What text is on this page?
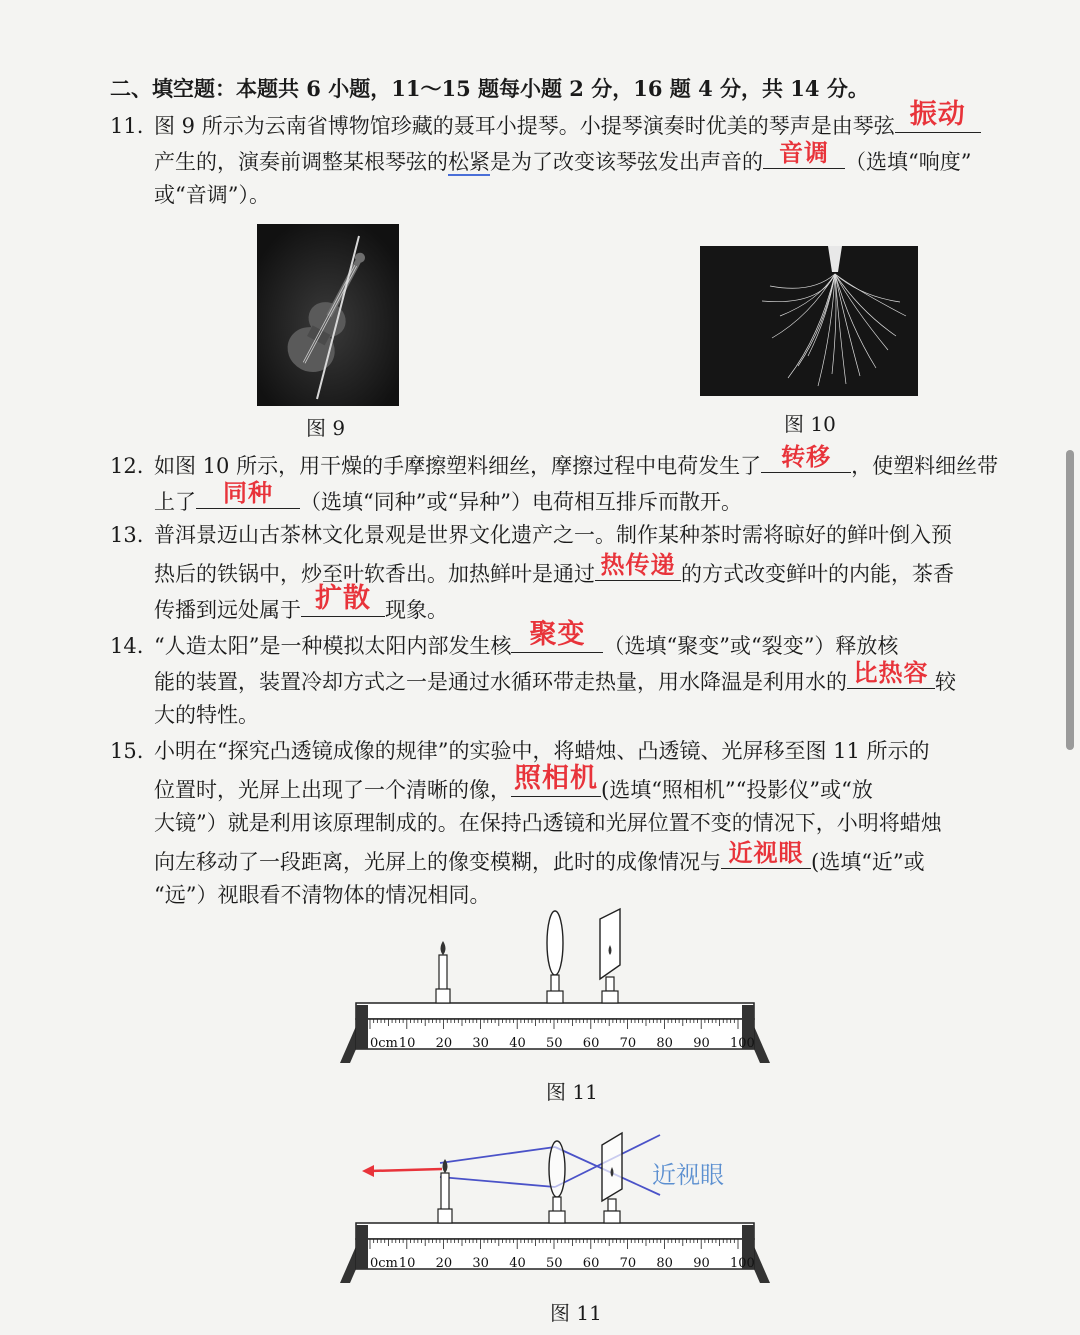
二、填空题：本题共 6 小题，11～15 题每小题 2 分，16 题 4 分，共 14 分。
11. 图 9 所示为云南省博物馆珍藏的聂耳小提琴。小提琴演奏时优美的琴声是由琴弦 振动
产生的，演奏前调整某根琴弦的松紧是为了改变该琴弦发出声音的 音调 （选填“响度”
或“音调”）。
图 9	图 10
12. 如图 10 所示，用干燥的手摩擦塑料细丝，摩擦过程中电荷发生了 转移 ，使塑料细丝带
上了	同种	（选填“同种”或“异种”）电荷相互排斥而散开。
13. 普洱景迈山古茶林文化景观是世界文化遗产之一。制作某种茶时需将晾好的鲜叶倒入预
热后的铁锅中，炒至叶软香出。加热鲜叶是通过 热传递 的方式改变鲜叶的内能，茶香
传播到远处属于 扩散 现象。
14. “人造太阳”是一种模拟太阳内部发生核 聚变 （选填“聚变”或“裂变”）释放核
能的装置，装置冷却方式之一是通过水循环带走热量，用水降温是利用水的 比热容 较
大的特性。
15. 小明在“探究凸透镜成像的规律”的实验中，将蜡烛、凸透镜、光屏移至图 11 所示的
位置时，光屏上出现了一个清晰的像， 照相机 (选填“照相机”“投影仪”或“放
大镜”）就是利用该原理制成的。在保持凸透镜和光屏位置不变的情况下，小明将蜡烛
向左移动了一段距离，光屏上的像变模糊，此时的成像情况与 近视眼 (选填“近”或
“远”）视眼看不清物体的情况相同。
0cm 10 20 30 40 50 60 70 80 90 100
图 11
0cm 10 20 30 40 50 60 70 80 90 100
近视眼
图 11
